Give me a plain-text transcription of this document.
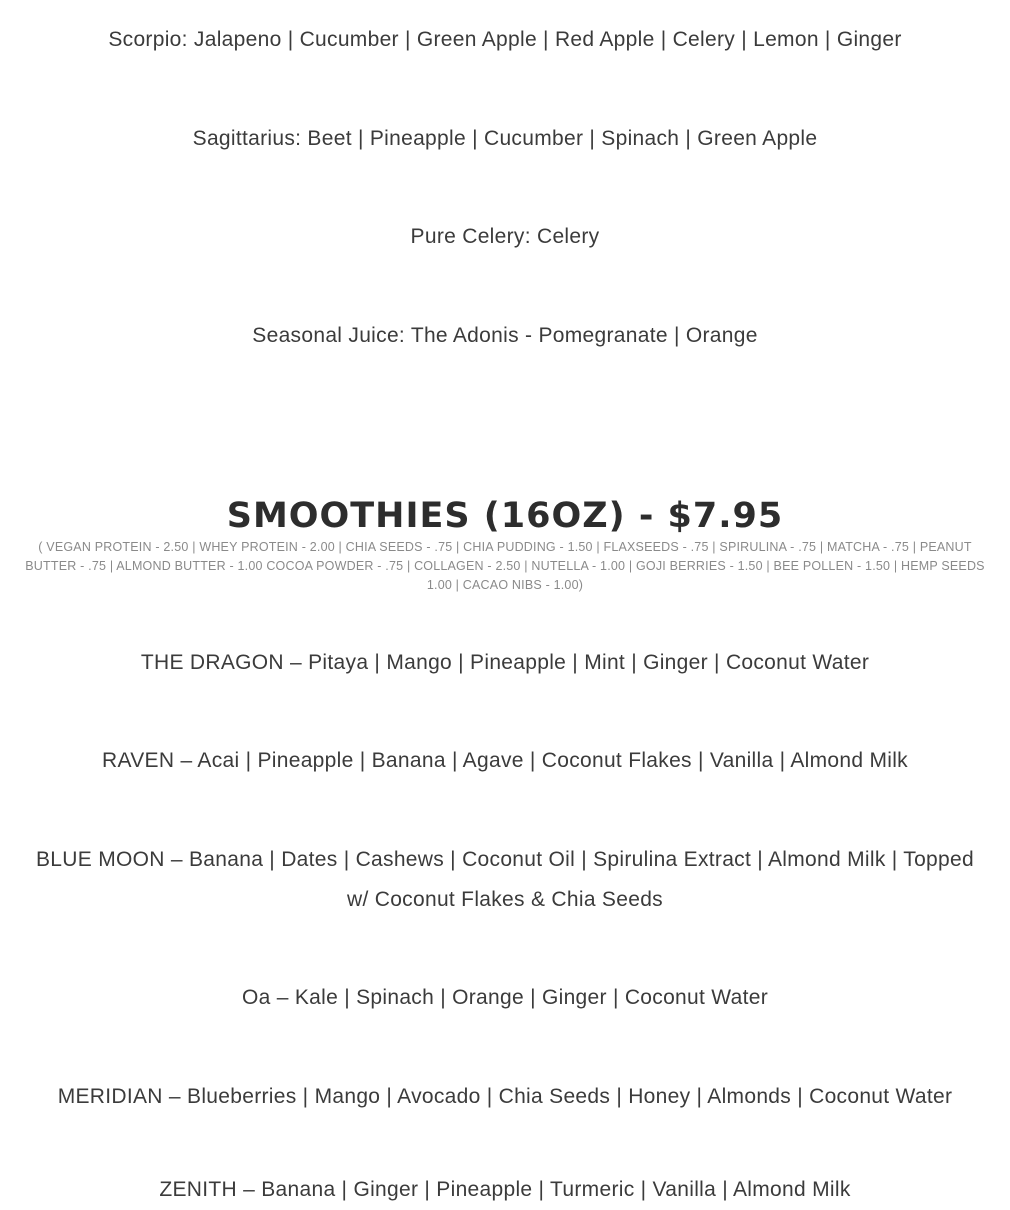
Scorpio: Jalapeno | Cucumber | Green Apple | Red Apple | Celery | Lemon | Ginger

Sagittarius: Beet | Pineapple | Cucumber | Spinach | Green Apple

Pure Celery: Celery

Seasonal Juice: The Adonis - Pomegranate | Orange

SMOOTHIES (16OZ) - $7.95

( VEGAN PROTEIN - 2.50 | WHEY PROTEIN - 2.00 | CHIA SEEDS - .75 | CHIA PUDDING - 1.50 | FLAXSEEDS - .75 | SPIRULINA - .75 | MATCHA - .75 | PEANUT BUTTER - .75 | ALMOND BUTTER - 1.00 COCOA POWDER - .75 | COLLAGEN - 2.50 | NUTELLA - 1.00 | GOJI BERRIES - 1.50 | BEE POLLEN - 1.50 | HEMP SEEDS 1.00 | CACAO NIBS - 1.00)

THE DRAGON – Pitaya | Mango | Pineapple | Mint | Ginger | Coconut Water

RAVEN – Acai | Pineapple | Banana | Agave | Coconut Flakes | Vanilla | Almond Milk

BLUE MOON – Banana | Dates | Cashews | Coconut Oil | Spirulina Extract | Almond Milk | Topped w/ Coconut Flakes & Chia Seeds

Oa – Kale | Spinach | Orange | Ginger | Coconut Water

MERIDIAN – Blueberries | Mango | Avocado | Chia Seeds | Honey | Almonds | Coconut Water

ZENITH – Banana | Ginger | Pineapple | Turmeric | Vanilla | Almond Milk
